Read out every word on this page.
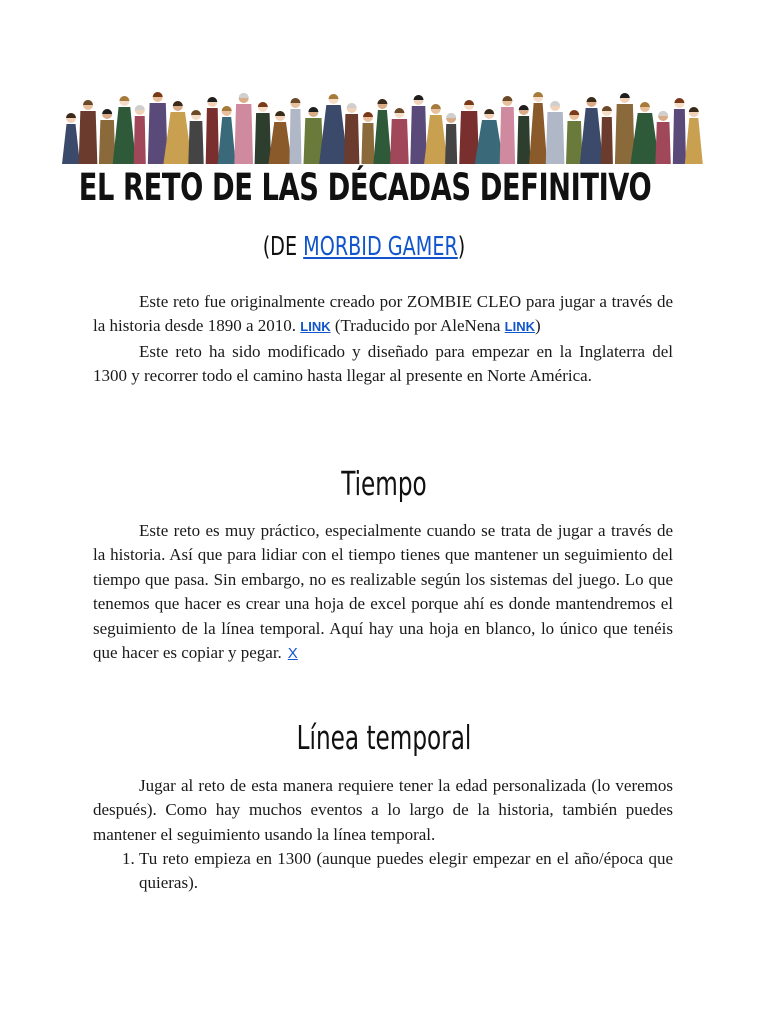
EL RETO DE LAS DÉCADAS DEFINITIVO
(DE MORBID GAMER)

Este reto fue originalmente creado por ZOMBIE CLEO para jugar a través de la historia desde 1890 a 2010. LINK (Traducido por AleNena LINK)

Este reto ha sido modificado y diseñado para empezar en la Inglaterra del 1300 y recorrer todo el camino hasta llegar al presente en Norte América.

Tiempo

Este reto es muy práctico, especialmente cuando se trata de jugar a través de la historia. Así que para lidiar con el tiempo tienes que mantener un seguimiento del tiempo que pasa. Sin embargo, no es realizable según los sistemas del juego. Lo que tenemos que hacer es crear una hoja de excel porque ahí es donde mantendremos el seguimiento de la línea temporal. Aquí hay una hoja en blanco, lo único que tenéis que hacer es copiar y pegar. X

Línea temporal

Jugar al reto de esta manera requiere tener la edad personalizada (lo veremos después). Como hay muchos eventos a lo largo de la historia, también puedes mantener el seguimiento usando la línea temporal.

1. Tu reto empieza en 1300 (aunque puedes elegir empezar en el año/época que quieras).
